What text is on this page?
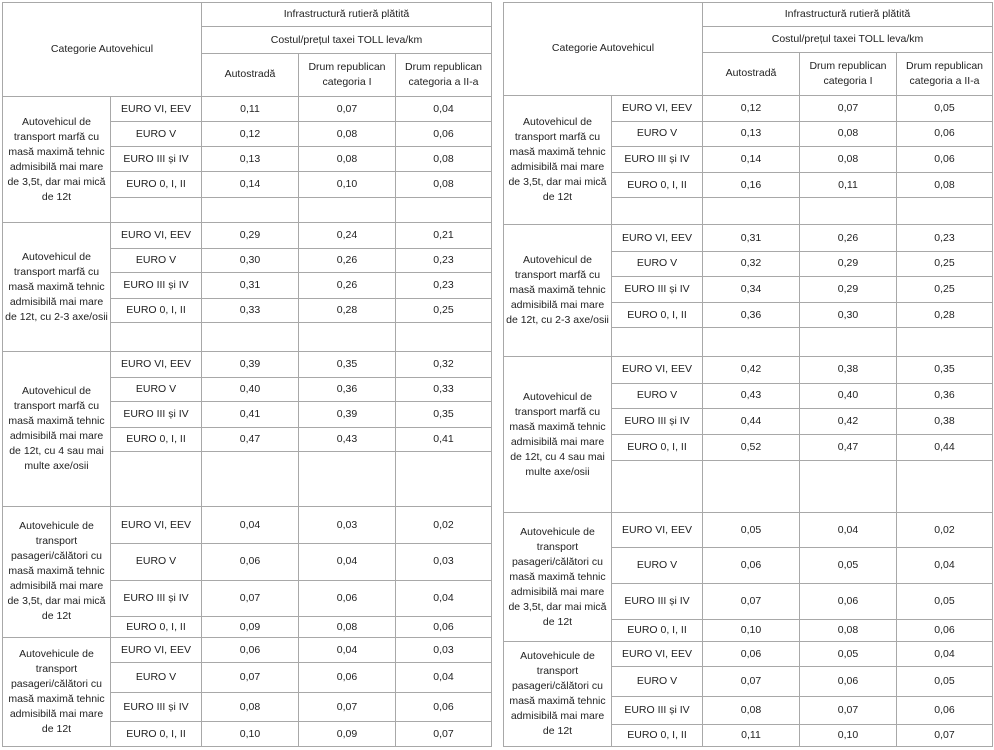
Categorie Autovehicul		Infrastructură rutieră plătită		
		Costul/prețul taxei TOLL leva/km		
		Autostradă	Drum republican categoria I	Drum republican categoria a II-a
Autovehicul de transport marfă cu masă maximă tehnic admisibilă mai mare de 3,5t, dar mai mică de 12t	EURO VI, EEV	0,11	0,07	0,04
	EURO V	0,12	0,08	0,06
	EURO III și IV	0,13	0,08	0,08
	EURO 0, I, II	0,14	0,10	0,08

Autovehicul de transport marfă cu masă maximă tehnic admisibilă mai mare de 12t, cu 2-3 axe/osii	EURO VI, EEV	0,29	0,24	0,21
	EURO V	0,30	0,26	0,23
	EURO III și IV	0,31	0,26	0,23
	EURO 0, I, II	0,33	0,28	0,25

Autovehicul de transport marfă cu masă maximă tehnic admisibilă mai mare de 12t, cu 4 sau mai multe axe/osii	EURO VI, EEV	0,39	0,35	0,32
	EURO V	0,40	0,36	0,33
	EURO III și IV	0,41	0,39	0,35
	EURO 0, I, II	0,47	0,43	0,41

Autovehicule de transport pasageri/călători cu masă maximă tehnic admisibilă mai mare de 3,5t, dar mai mică de 12t	EURO VI, EEV	0,04	0,03	0,02
	EURO V	0,06	0,04	0,03
	EURO III și IV	0,07	0,06	0,04
	EURO 0, I, II	0,09	0,08	0,06
Autovehicule de transport pasageri/călători cu masă maximă tehnic admisibilă mai mare de 12t	EURO VI, EEV	0,06	0,04	0,03
	EURO V	0,07	0,06	0,04
	EURO III și IV	0,08	0,07	0,06
	EURO 0, I, II	0,10	0,09	0,07
Categorie Autovehicul		Infrastructură rutieră plătită		
		Costul/prețul taxei TOLL leva/km		
		Autostradă	Drum republican categoria I	Drum republican categoria a II-a
Autovehicul de transport marfă cu masă maximă tehnic admisibilă mai mare de 3,5t, dar mai mică de 12t	EURO VI, EEV	0,12	0,07	0,05
	EURO V	0,13	0,08	0,06
	EURO III și IV	0,14	0,08	0,06
	EURO 0, I, II	0,16	0,11	0,08

Autovehicul de transport marfă cu masă maximă tehnic admisibilă mai mare de 12t, cu 2-3 axe/osii	EURO VI, EEV	0,31	0,26	0,23
	EURO V	0,32	0,29	0,25
	EURO III și IV	0,34	0,29	0,25
	EURO 0, I, II	0,36	0,30	0,28

Autovehicul de transport marfă cu masă maximă tehnic admisibilă mai mare de 12t, cu 4 sau mai multe axe/osii	EURO VI, EEV	0,42	0,38	0,35
	EURO V	0,43	0,40	0,36
	EURO III și IV	0,44	0,42	0,38
	EURO 0, I, II	0,52	0,47	0,44

Autovehicule de transport pasageri/călători cu masă maximă tehnic admisibilă mai mare de 3,5t, dar mai mică de 12t	EURO VI, EEV	0,05	0,04	0,02
	EURO V	0,06	0,05	0,04
	EURO III și IV	0,07	0,06	0,05
	EURO 0, I, II	0,10	0,08	0,06
Autovehicule de transport pasageri/călători cu masă maximă tehnic admisibilă mai mare de 12t	EURO VI, EEV	0,06	0,05	0,04
	EURO V	0,07	0,06	0,05
	EURO III și IV	0,08	0,07	0,06
	EURO 0, I, II	0,11	0,10	0,07
